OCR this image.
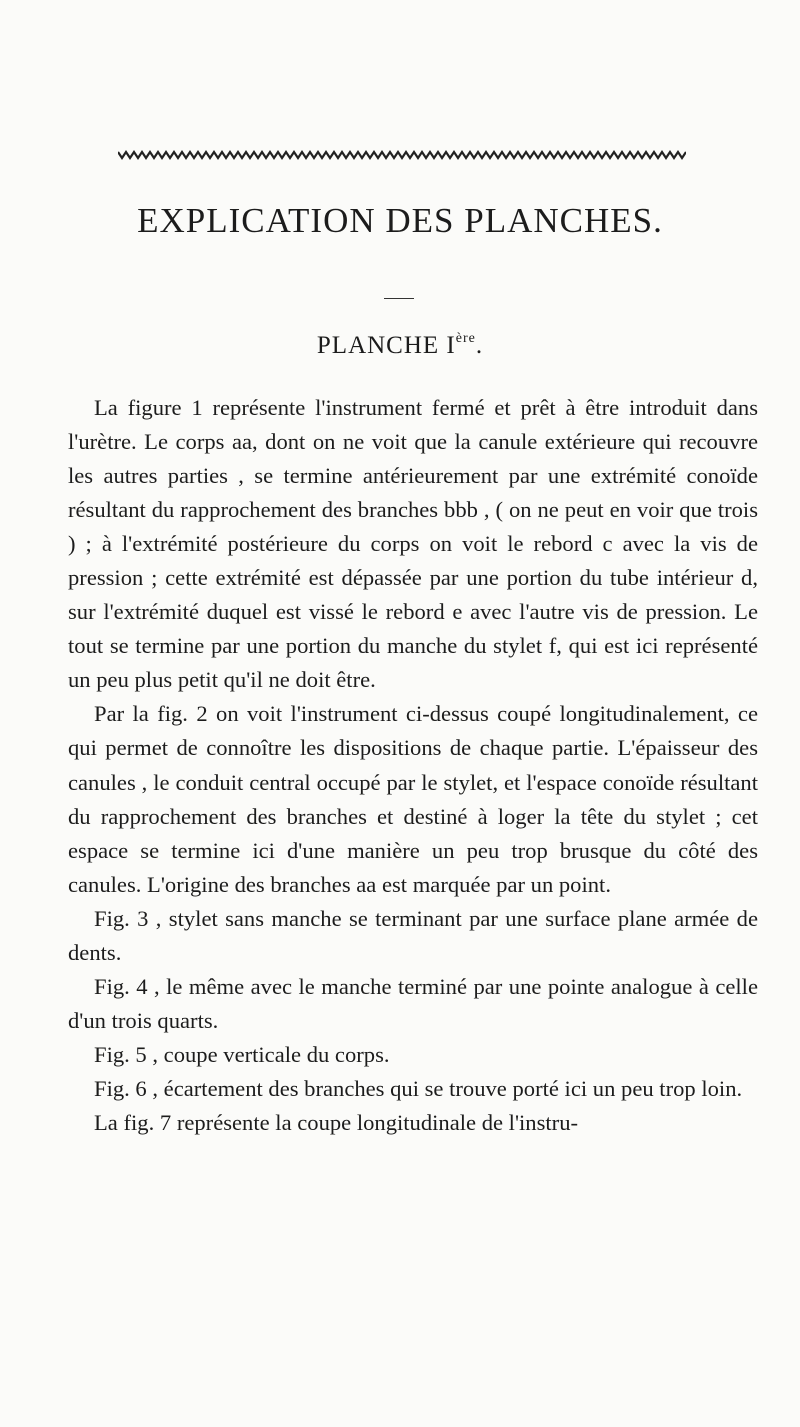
EXPLICATION DES PLANCHES.
PLANCHE Ière.

La figure 1 représente l'instrument fermé et prêt à être introduit dans l'urètre. Le corps aa, dont on ne voit que la canule extérieure qui recouvre les autres parties , se termine antérieurement par une extrémité conoïde résultant du rapprochement des branches bbb , ( on ne peut en voir que trois ) ; à l'extrémité postérieure du corps on voit le rebord c avec la vis de pression ; cette extrémité est dépassée par une portion du tube intérieur d, sur l'extrémité duquel est vissé le rebord e avec l'autre vis de pression. Le tout se termine par une portion du manche du stylet f, qui est ici représenté un peu plus petit qu'il ne doit être.

Par la fig. 2 on voit l'instrument ci-dessus coupé longitudinalement, ce qui permet de connoître les dispositions de chaque partie. L'épaisseur des canules , le conduit central occupé par le stylet, et l'espace conoïde résultant du rapprochement des branches et destiné à loger la tête du stylet ; cet espace se termine ici d'une manière un peu trop brusque du côté des canules. L'origine des branches aa est marquée par un point.

Fig. 3 , stylet sans manche se terminant par une surface plane armée de dents.

Fig. 4 , le même avec le manche terminé par une pointe analogue à celle d'un trois quarts.

Fig. 5 , coupe verticale du corps.

Fig. 6 , écartement des branches qui se trouve porté ici un peu trop loin.

La fig. 7 représente la coupe longitudinale de l'instru-
